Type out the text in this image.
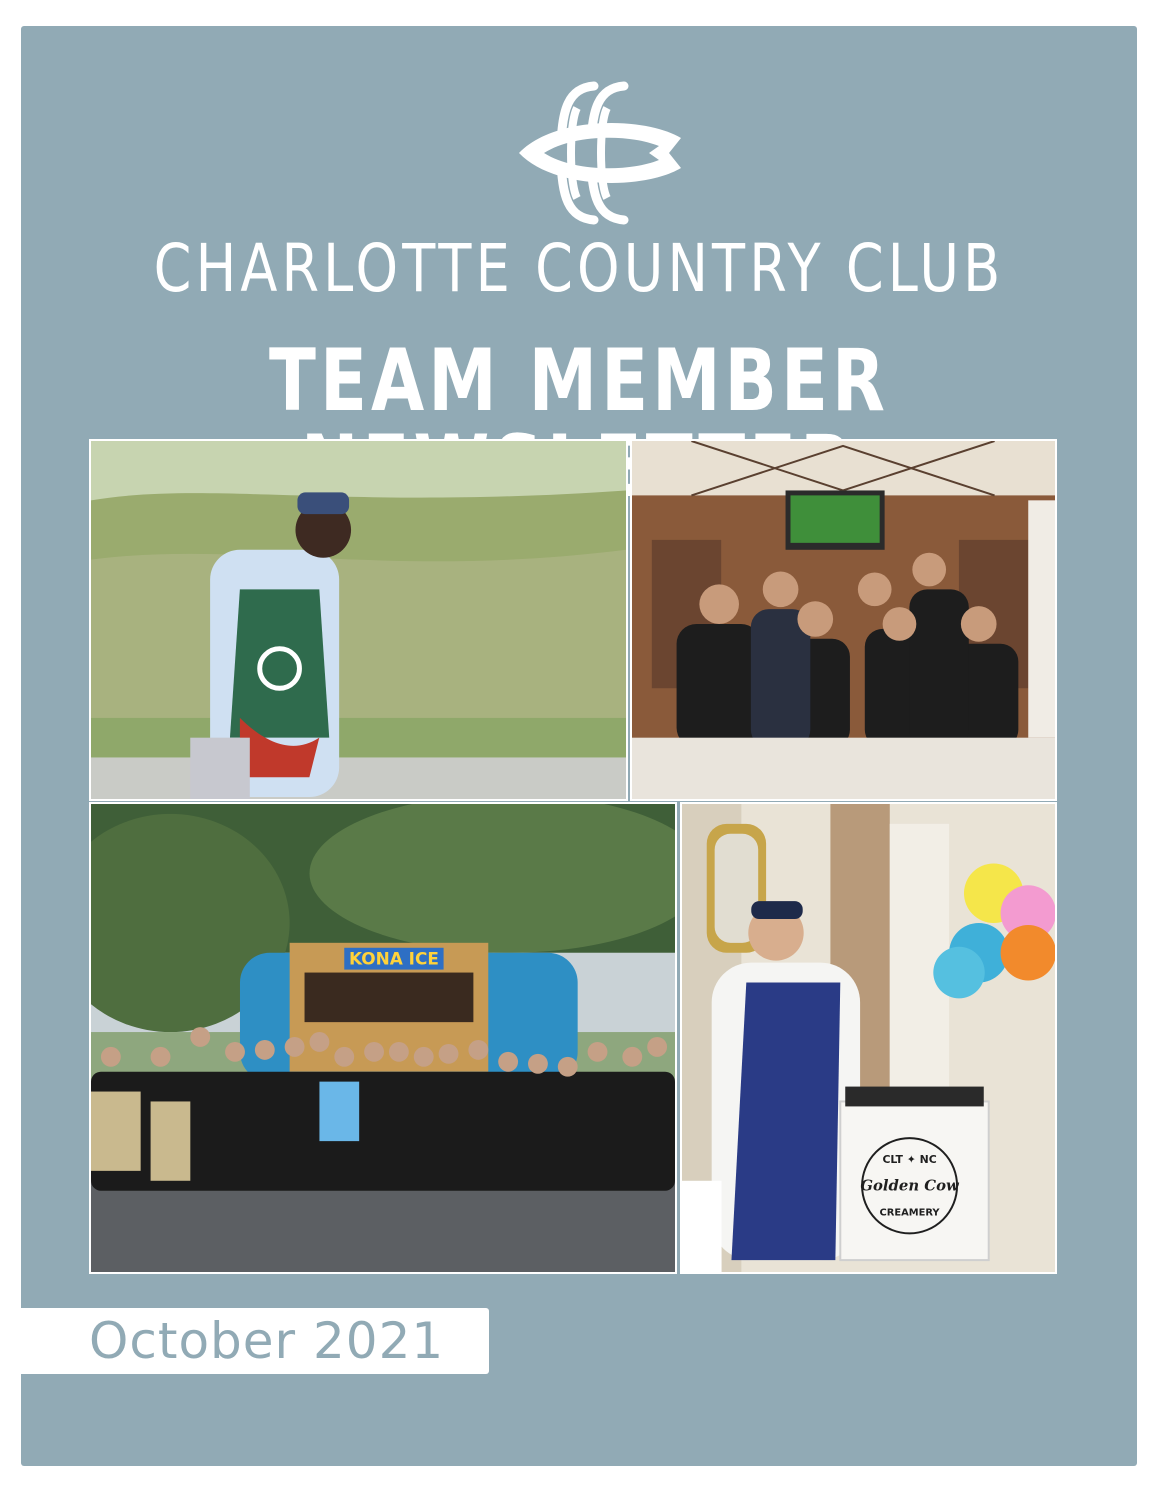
CHARLOTTE COUNTRY CLUB
TEAM MEMBER
KONA ICE
CLT ✦ NC
Golden Cow
CREAMERY
October 2021
